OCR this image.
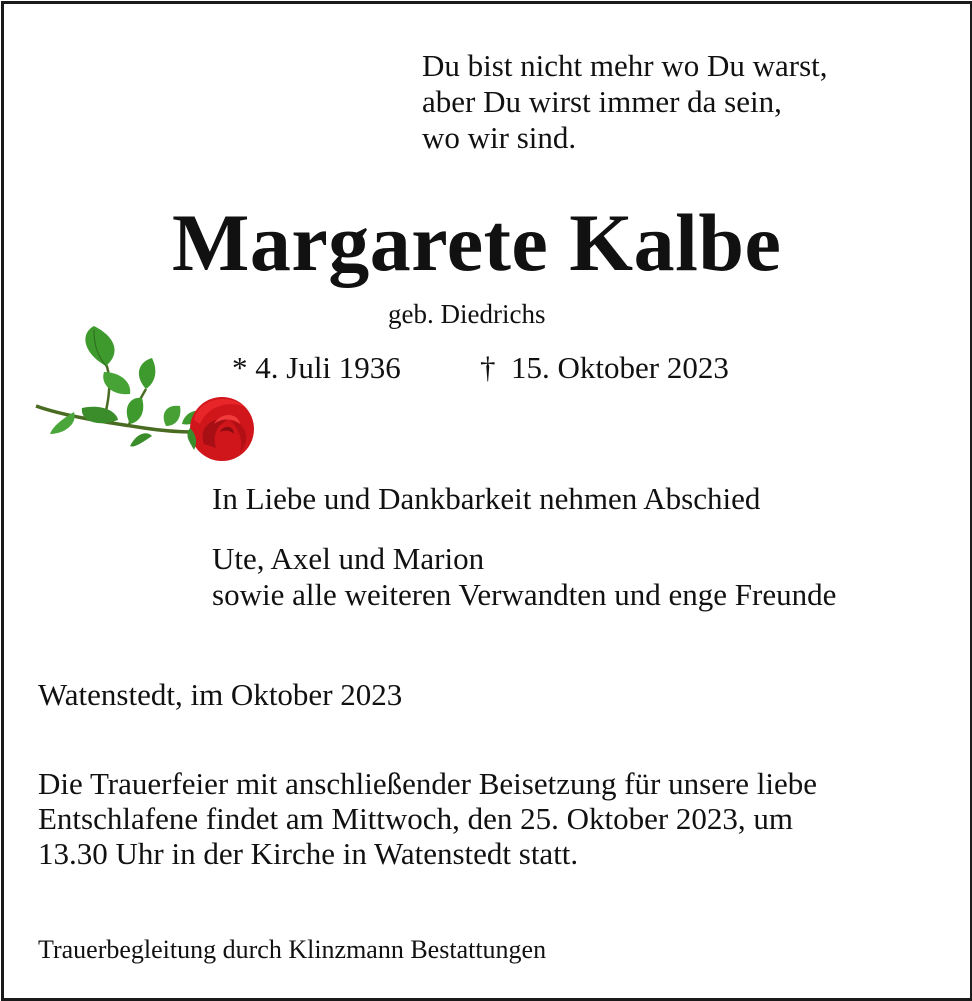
Du bist nicht mehr wo Du warst,
aber Du wirst immer da sein,
wo wir sind.
Margarete Kalbe
geb. Diedrichs
* 4. Juli 1936	† 15. Oktober 2023
In Liebe und Dankbarkeit nehmen Abschied
Ute, Axel und Marion
sowie alle weiteren Verwandten und enge Freunde
Watenstedt, im Oktober 2023
Die Trauerfeier mit anschließender Beisetzung für unsere liebe
Entschlafene findet am Mittwoch, den 25. Oktober 2023, um
13.30 Uhr in der Kirche in Watenstedt statt.
Trauerbegleitung durch Klinzmann Bestattungen
